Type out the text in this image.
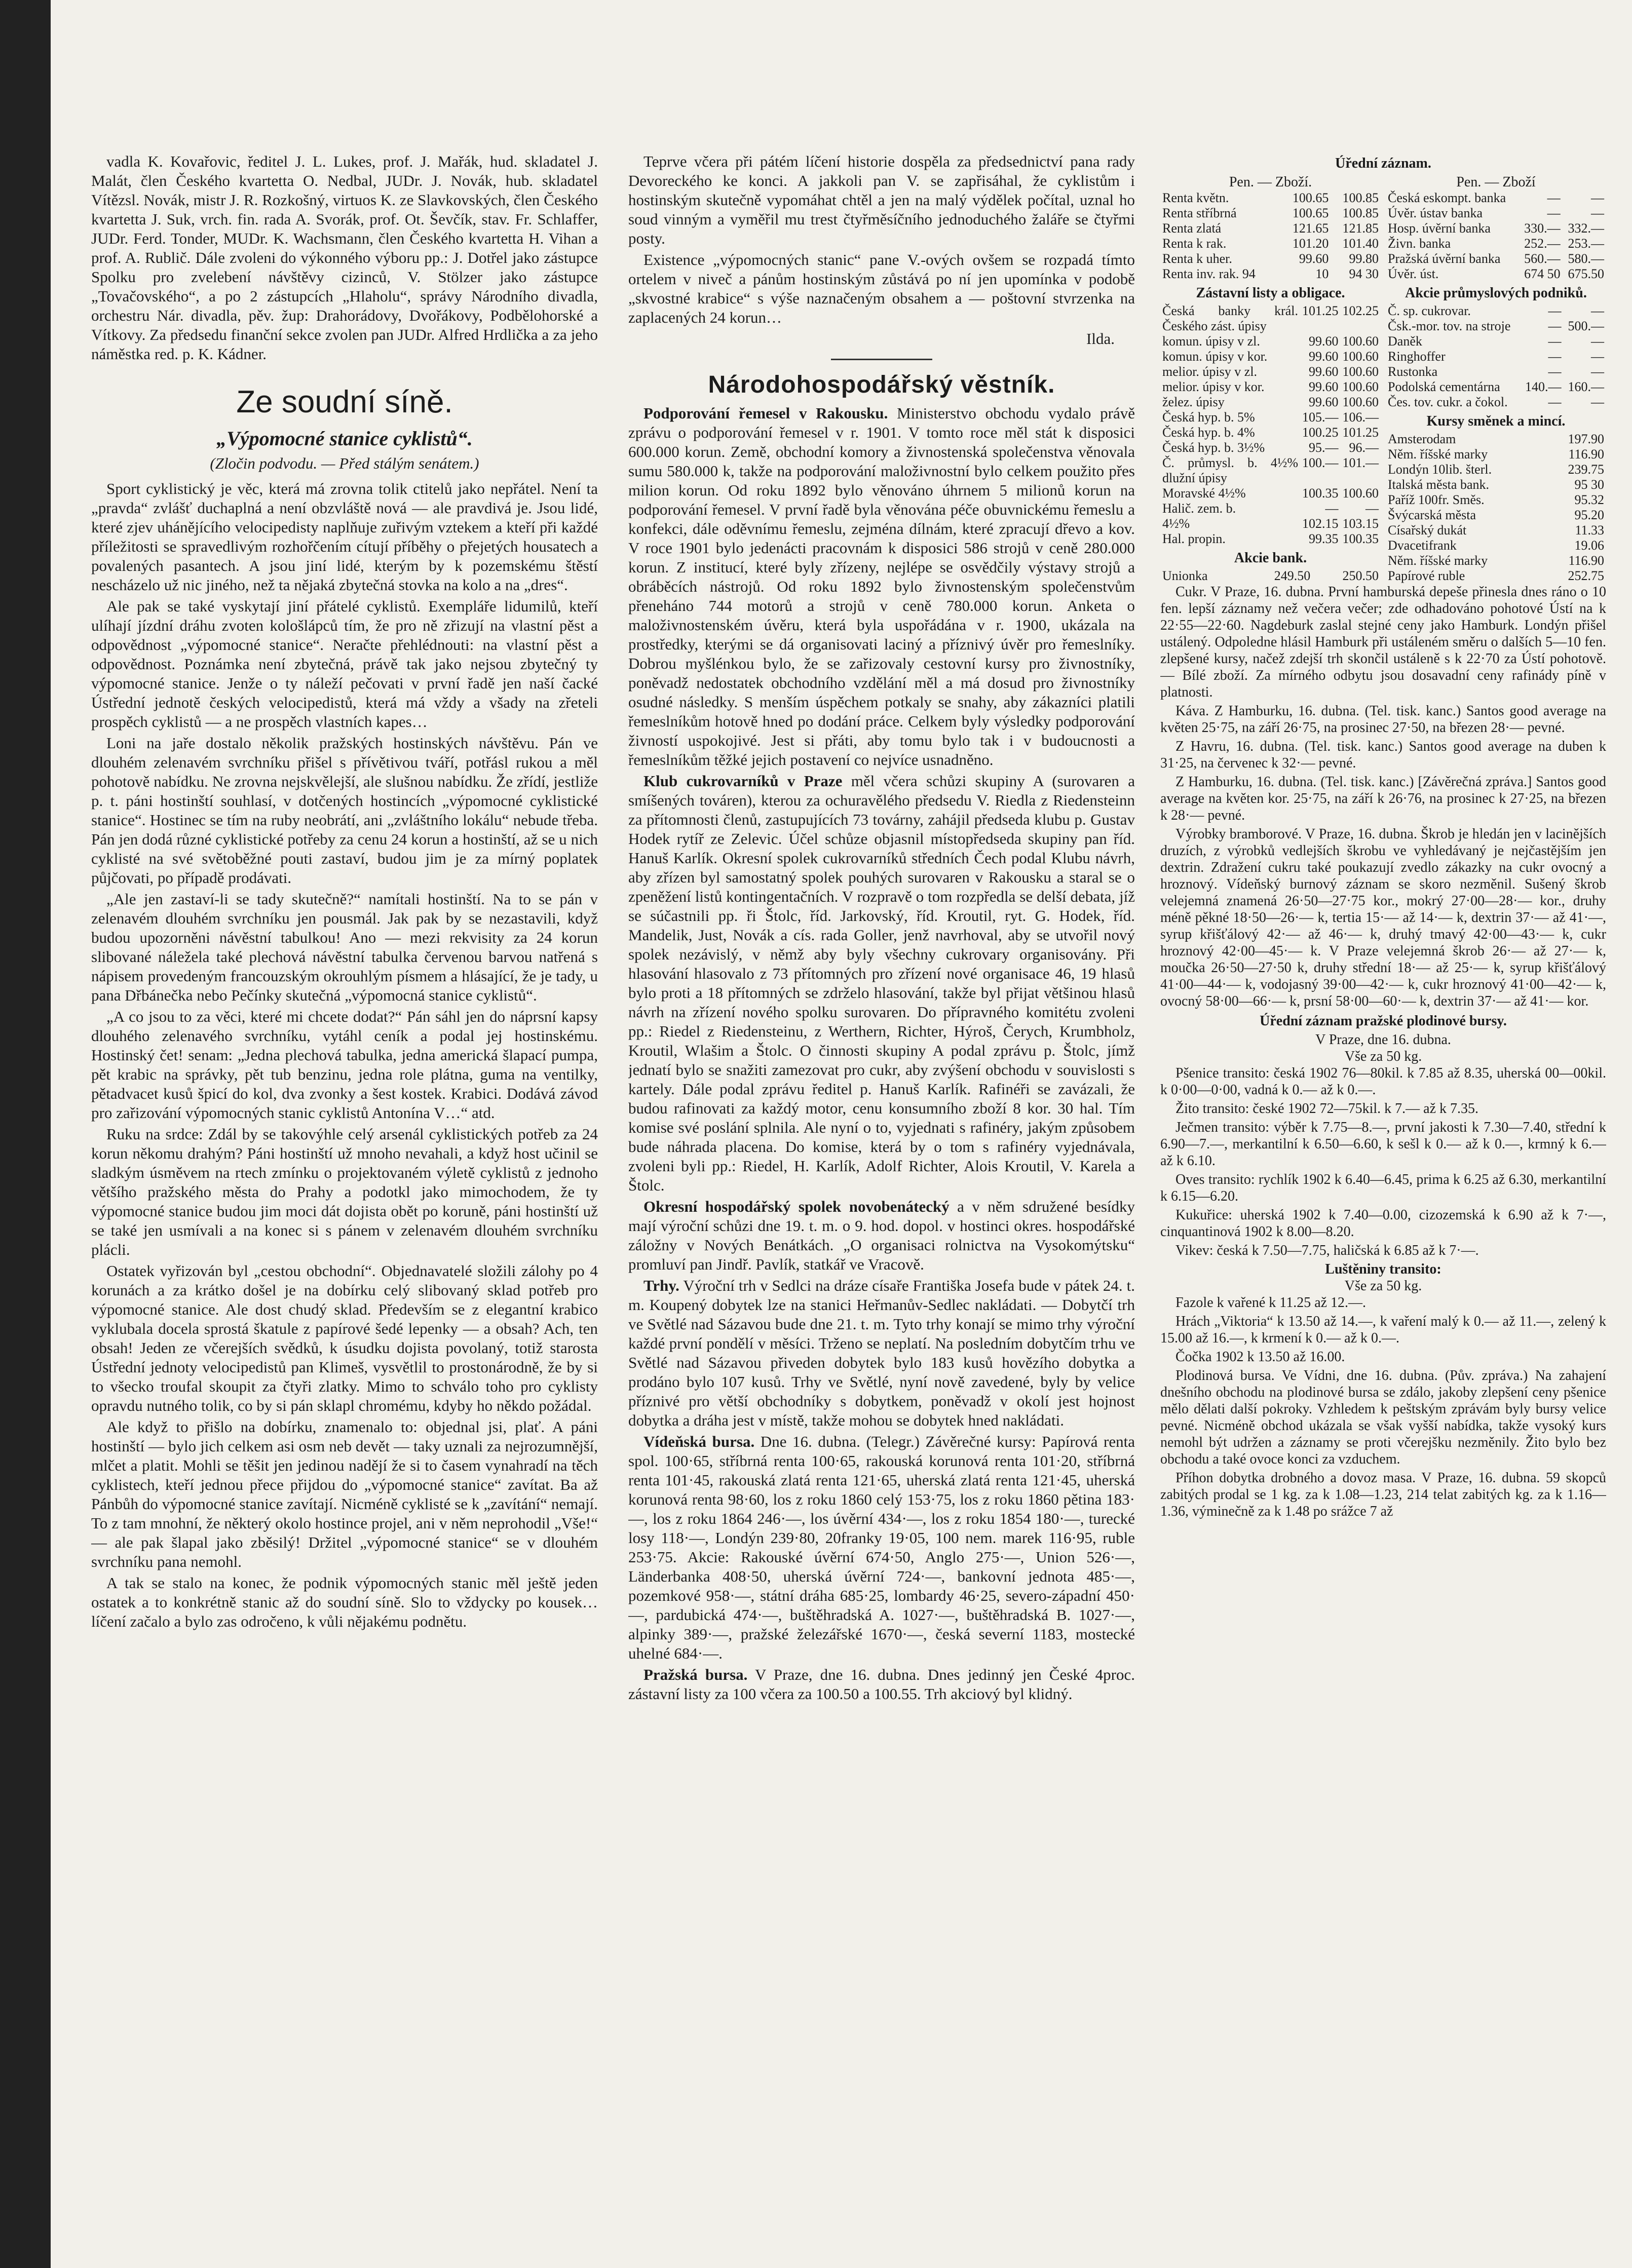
vadla K. Kovařovic, ředitel J. L. Lukes, prof. J. Mařák, hud. skladatel J. Malát, člen Českého kvartetta O. Nedbal, JUDr. J. Novák, hub. skladatel Vítězsl. Novák, mistr J. R. Rozkošný, virtuos K. ze Slavkovských, člen Českého kvartetta J. Suk, vrch. fin. rada A. Svorák, prof. Ot. Ševčík, stav. Fr. Schlaffer, JUDr. Ferd. Tonder, MUDr. K. Wachsmann, člen Českého kvartetta H. Vihan a prof. A. Rublič. Dále zvoleni do výkonného výboru pp.: J. Dotřel jako zástupce Spolku pro zvelebení návštěvy cizinců, V. Stölzer jako zástupce „Tovačovského“, a po 2 zástupcích „Hlaholu“, správy Národního divadla, orchestru Nár. divadla, pěv. žup: Drahorádovy, Dvořákovy, Podbělohorské a Vítkovy. Za předsedu finanční sekce zvolen pan JUDr. Alfred Hrdlička a za jeho náměstka red. p. K. Kádner.

Ze soudní síně.
„Výpomocné stanice cyklistů“.
(Zločin podvodu. — Před stálým senátem.)

Sport cyklistický je věc, která má zrovna tolik ctitelů jako nepřátel. Není ta „pravda“ zvlášť duchaplná a není obzvláště nová — ale pravdivá je. Jsou lidé, které zjev uhánějícího velocipedisty naplňuje zuřivým vztekem a kteří při každé příležitosti se spravedlivým rozhořčením cítují příběhy o přejetých housatech a povalených pasantech. A jsou jiní lidé, kterým by k pozemskému štěstí nescházelo už nic jiného, než ta nějaká zbytečná stovka na kolo a na „dres“.

Ale pak se také vyskytají jiní přátelé cyklistů. Exempláře lidumilů, kteří ulíhají jízdní dráhu zvoten kološlápců tím, že pro ně zřizují na vlastní pěst a odpovědnost „výpomocné stanice“. Neračte přehlédnouti: na vlastní pěst a odpovědnost. Poznámka není zbytečná, právě tak jako nejsou zbytečný ty výpomocné stanice. Jenže o ty náleží pečovati v první řadě jen naší čacké Ústřední jednotě českých velocipedistů, která má vždy a všady na zřeteli prospěch cyklistů — a ne prospěch vlastních kapes…

Loni na jaře dostalo několik pražských hostinských návštěvu. Pán ve dlouhém zelenavém svrchníku přišel s přívětivou tváří, potřásl rukou a měl pohotově nabídku. Ne zrovna nejskvělejší, ale slušnou nabídku. Že zřídí, jestliže p. t. páni hostinští souhlasí, v dotčených hostincích „výpomocné cyklistické stanice“. Hostinec se tím na ruby neobrátí, ani „zvláštního lokálu“ nebude třeba. Pán jen dodá různé cyklistické potřeby za cenu 24 korun a hostinští, až se u nich cyklisté na své světoběžné pouti zastaví, budou jim je za mírný poplatek půjčovati, po případě prodávati.

„Ale jen zastaví-li se tady skutečně?“ namítali hostinští. Na to se pán v zelenavém dlouhém svrchníku jen pousmál. Jak pak by se nezastavili, když budou upozorněni návěstní tabulkou! Ano — mezi rekvisity za 24 korun slibované náležela také plechová návěstní tabulka červenou barvou natřená s nápisem provedeným francouzským okrouhlým písmem a hlásající, že je tady, u pana Dřbánečka nebo Pečínky skutečná „výpomocná stanice cyklistů“.

„A co jsou to za věci, které mi chcete dodat?“ Pán sáhl jen do náprsní kapsy dlouhého zelenavého svrchníku, vytáhl ceník a podal jej hostinskému. Hostinský čet! senam: „Jedna plechová tabulka, jedna americká šlapací pumpa, pět krabic na správky, pět tub benzinu, jedna role plátna, guma na ventilky, pětadvacet kusů špicí do kol, dva zvonky a šest kostek. Krabici. Dodává závod pro zařizování výpomocných stanic cyklistů Antonína V…“ atd.

Ruku na srdce: Zdál by se takovýhle celý arsenál cyklistických potřeb za 24 korun někomu drahým? Páni hostinští už mnoho nevahali, a když host učinil se sladkým úsměvem na rtech zmínku o projektovaném výletě cyklistů z jednoho většího pražského města do Prahy a podotkl jako mimochodem, že ty výpomocné stanice budou jim moci dát dojista obět po koruně, páni hostinští už se také jen usmívali a na konec si s pánem v zelenavém dlouhém svrchníku plácli.

Ostatek vyřizován byl „cestou obchodní“. Objednavatelé složili zálohy po 4 korunách a za krátko došel je na dobírku celý slibovaný sklad potřeb pro výpomocné stanice. Ale dost chudý sklad. Především se z elegantní krabico vyklubala docela sprostá škatule z papírové šedé lepenky — a obsah? Ach, ten obsah! Jeden ze včerejších svědků, k úsudku dojista povolaný, totiž starosta Ústřední jednoty velocipedistů pan Klimeš, vysvětlil to prostonárodně, že by si to všecko troufal skoupit za čtyři zlatky. Mimo to schválo toho pro cyklisty opravdu nutného tolik, co by si pán sklapl chromému, kdyby ho někdo požádal.

Ale když to přišlo na dobírku, znamenalo to: objednal jsi, plať. A páni hostinští — bylo jich celkem asi osm neb devět — taky uznali za nejrozumnější, mlčet a platit. Mohli se těšit jen jedinou nadějí že si to časem vynahradí na těch cyklistech, kteří jednou přece přijdou do „výpomocné stanice“ zavítat. Ba až Pánbůh do výpomocné stanice zavítají. Nicméně cyklisté se k „zavítání“ nemají. To z tam mnohní, že některý okolo hostince projel, ani v něm neprohodil „Vše!“ — ale pak šlapal jako zběsilý! Držitel „výpomocné stanice“ se v dlouhém svrchníku pana nemohl.

A tak se stalo na konec, že podnik výpomocných stanic měl ještě jeden ostatek a to konkrétně stanic až do soudní síně. Slo to vždycky po kousek… líčení začalo a bylo zas odročeno, k vůli nějakému podnětu.

Teprve včera při pátém líčení historie dospěla za předsednictví pana rady Devoreckého ke konci. A jakkoli pan V. se zapřisáhal, že cyklistům i hostinským skutečně vypomáhat chtěl a jen na malý výdělek počítal, uznal ho soud vinným a vyměřil mu trest čtyřměsíčního jednoduchého žaláře se čtyřmi posty.

Existence „výpomocných stanic“ pane V.-ových ovšem se rozpadá tímto ortelem v niveč a pánům hostinským zůstává po ní jen upomínka v podobě „skvostné krabice“ s výše naznačeným obsahem a — poštovní stvrzenka na zaplacených 24 korun…

Ilda.
Národohospodářský věstník.

Podporování řemesel v Rakousku. Ministerstvo obchodu vydalo právě zprávu o podporování řemesel v r. 1901. V tomto roce měl stát k disposici 600.000 korun. Země, obchodní komory a živnostenská společenstva věnovala sumu 580.000 k, takže na podporování maloživnostní bylo celkem použito přes milion korun. Od roku 1892 bylo věnováno úhrnem 5 milionů korun na podporování řemesel. V první řadě byla věnována péče obuvnickému řemeslu a konfekci, dále oděvnímu řemeslu, zejména dílnám, které zpracují dřevo a kov. V roce 1901 bylo jedenácti pracovnám k disposici 586 strojů v ceně 280.000 korun. Z institucí, které byly zřízeny, nejlépe se osvědčily výstavy strojů a obráběcích nástrojů. Od roku 1892 bylo živnostenským společenstvům přeneháno 744 motorů a strojů v ceně 780.000 korun. Anketa o maloživnostenském úvěru, která byla uspořádána v r. 1900, ukázala na prostředky, kterými se dá organisovati laciný a příznivý úvěr pro řemeslníky. Dobrou myšlénkou bylo, že se zařizovaly cestovní kursy pro živnostníky, poněvadž nedostatek obchodního vzdělání měl a má dosud pro živnostníky osudné následky. S menším úspěchem potkaly se snahy, aby zákazníci platili řemeslníkům hotově hned po dodání práce. Celkem byly výsledky podporování živností uspokojivé. Jest si přáti, aby tomu bylo tak i v budoucnosti a řemeslníkům těžké jejich postavení co nejvíce usnadněno.

Klub cukrovarníků v Praze měl včera schůzi skupiny A (surovaren a smíšených továren), kterou za ochuravělého předsedu V. Riedla z Riedensteinn za přítomnosti členů, zastupujících 73 továrny, zahájil předseda klubu p. Gustav Hodek rytíř ze Zelevic. Účel schůze objasnil místopředseda skupiny pan říd. Hanuš Karlík. Okresní spolek cukrovarníků středních Čech podal Klubu návrh, aby zřízen byl samostatný spolek pouhých surovaren v Rakousku a staral se o zpeněžení listů kontingentačních. V rozpravě o tom rozpředla se delší debata, jíž se súčastnili pp. ři Štolc, říd. Jarkovský, říd. Kroutil, ryt. G. Hodek, říd. Mandelik, Just, Novák a cís. rada Goller, jenž navrhoval, aby se utvořil nový spolek nezávislý, v němž aby byly všechny cukrovary organisovány. Při hlasování hlasovalo z 73 přítomných pro zřízení nové organisace 46, 19 hlasů bylo proti a 18 přítomných se zdrželo hlasování, takže byl přijat většinou hlasů návrh na zřízení nového spolku surovaren. Do přípravného komitétu zvoleni pp.: Riedel z Riedensteinu, z Werthern, Richter, Hýroš, Čerych, Krumbholz, Kroutil, Wlašim a Štolc. O činnosti skupiny A podal zprávu p. Štolc, jímž jednatí bylo se snažiti zamezovat pro cukr, aby zvýšení obchodu v souvislosti s kartely. Dále podal zprávu ředitel p. Hanuš Karlík. Rafinéři se zavázali, že budou rafinovati za každý motor, cenu konsumního zboží 8 kor. 30 hal. Tím komise své poslání splnila. Ale nyní o to, vyjednati s rafinéry, jakým způsobem bude náhrada placena. Do komise, která by o tom s rafinéry vyjednávala, zvoleni byli pp.: Riedel, H. Karlík, Adolf Richter, Alois Kroutil, V. Karela a Štolc.

Okresní hospodářský spolek novobenátecký a v něm sdružené besídky mají výroční schůzi dne 19. t. m. o 9. hod. dopol. v hostinci okres. hospodářské záložny v Nových Benátkách. „O organisaci rolnictva na Vysokomýtsku“ promluví pan Jindř. Pavlík, statkář ve Vracově.

Trhy. Výroční trh v Sedlci na dráze císaře Františka Josefa bude v pátek 24. t. m. Koupený dobytek lze na stanici Heřmanův-Sedlec nakládati. — Dobytčí trh ve Světlé nad Sázavou bude dne 21. t. m. Tyto trhy konají se mimo trhy výroční každé první pondělí v měsíci. Trženo se neplatí. Na posledním dobytčím trhu ve Světlé nad Sázavou přiveden dobytek bylo 183 kusů hovězího dobytka a prodáno bylo 107 kusů. Trhy ve Světlé, nyní nově zavedené, byly by velice příznivé pro větší obchodníky s dobytkem, poněvadž v okolí jest hojnost dobytka a dráha jest v místě, takže mohou se dobytek hned nakládati.

Vídeňská bursa. Dne 16. dubna. (Telegr.) Závěrečné kursy: Papírová renta spol. 100·65, stříbrná renta 100·65, rakouská korunová renta 101·20, stříbrná renta 101·45, rakouská zlatá renta 121·65, uherská zlatá renta 121·45, uherská korunová renta 98·60, los z roku 1860 celý 153·75, los z roku 1860 pětina 183·—, los z roku 1864 246·—, los úvěrní 434·—, los z roku 1854 180·—, turecké losy 118·—, Londýn 239·80, 20franky 19·05, 100 nem. marek 116·95, ruble 253·75. Akcie: Rakouské úvěrní 674·50, Anglo 275·—, Union 526·—, Länderbanka 408·50, uherská úvěrní 724·—, bankovní jednota 485·—, pozemkové 958·—, státní dráha 685·25, lombardy 46·25, severo-západní 450·—, pardubická 474·—, buštěhradská A. 1027·—, buštěhradská B. 1027·—, alpinky 389·—, pražské železářské 1670·—, česká severní 1183, mostecké uhelné 684·—.

Pražská bursa. V Praze, dne 16. dubna. Dnes jedinný jen České 4proc. zástavní listy za 100 včera za 100.50 a 100.55. Trh akciový byl klidný.

Úřední záznam.
Pen. — Zboží.
Renta květn.	100.65	100.85
Renta stříbrná	100.65	100.85
Renta zlatá	121.65	121.85
Renta k rak.	101.20	101.40
Renta k uher.	99.60	99.80
Renta inv. rak. 94	10	94 30
Pen. — Zboží
Česká eskompt. banka	—	—
Úvěr. ústav banka	—	—
Hosp. úvěrní banka	330.—	332.—
Živn. banka	252.—	253.—
Pražská úvěrní banka	560.—	580.—
Úvěr. úst.	674 50	675.50
Zástavní listy a obligace.
Česká banky král. Českého zást. úpisy	101.25	102.25
komun. úpisy v zl.	99.60	100.60
komun. úpisy v kor.	99.60	100.60
melior. úpisy v zl.	99.60	100.60
melior. úpisy v kor.	99.60	100.60
želez. úpisy	99.60	100.60
Česká hyp. b. 5%	105.—	106.—
Česká hyp. b. 4%	100.25	101.25
Česká hyp. b. 3½%	95.—	96.—
Č. průmysl. b. 4½% dlužní úpisy	100.—	101.—
Moravské 4½%	100.35	100.60
Halič. zem. b.	—	—
4½%	102.15	103.15
Hal. propin.	99.35	100.35
Akcie bank.
Unionka	249.50	250.50
Akcie průmyslových podniků.
Č. sp. cukrovar.	—	—
Čsk.-mor. tov. na stroje	—	500.—
Daněk	—	—
Ringhoffer	—	—
Rustonka	—	—
Podolská cementárna	140.—	160.—
Čes. tov. cukr. a čokol.	—	—
Kursy směnek a mincí.
Amsterodam	197.90
Něm. říšské marky	116.90
Londýn 10lib. šterl.	239.75
Italská města bank.	95 30
Paříž 100fr. Směs.	95.32
Švýcarská města	95.20
Císařský dukát	11.33
Dvacetifrank	19.06
Něm. říšské marky	116.90
Papírové ruble	252.75

Cukr. V Praze, 16. dubna. První hamburská depeše přinesla dnes ráno o 10 fen. lepší záznamy než večera večer; zde odhadováno pohotové Ústí na k 22·55—22·60. Nagdeburk zaslal stejné ceny jako Hamburk. Londýn přišel ustálený. Odpoledne hlásil Hamburk při ustáleném směru o dalších 5—10 fen. zlepšené kursy, načež zdejší trh skončil ustáleně s k 22·70 za Ústí pohotově. — Bílé zboží. Za mírného odbytu jsou dosavadní ceny rafinády píně v platnosti.

Káva. Z Hamburku, 16. dubna. (Tel. tisk. kanc.) Santos good average na květen 25·75, na září 26·75, na prosinec 27·50, na březen 28·— pevné.

Z Havru, 16. dubna. (Tel. tisk. kanc.) Santos good average na duben k 31·25, na červenec k 32·— pevné.

Z Hamburku, 16. dubna. (Tel. tisk. kanc.) [Závěrečná zpráva.] Santos good average na květen kor. 25·75, na září k 26·76, na prosinec k 27·25, na březen k 28·— pevné.

Výrobky bramborové. V Praze, 16. dubna. Škrob je hledán jen v lacinějších druzích, z výrobků vedlejších škrobu ve vyhledávaný je nejčastějším jen dextrin. Zdražení cukru také poukazují zvedlo zákazky na cukr ovocný a hroznový. Vídeňský burnový záznam se skoro nezměnil. Sušený škrob velejemná znamená 26·50—27·75 kor., mokrý 27·00—28·— kor., druhy méně pěkné 18·50—26·— k, tertia 15·— až 14·— k, dextrin 37·— až 41·—, syrup křišťálový 42·— až 46·— k, druhý tmavý 42·00—43·— k, cukr hroznový 42·00—45·— k. V Praze velejemná škrob 26·— až 27·— k, moučka 26·50—27·50 k, druhy střední 18·— až 25·— k, syrup křišťálový 41·00—44·— k, vodojasný 39·00—42·— k, cukr hroznový 41·00—42·— k, ovocný 58·00—66·— k, prsní 58·00—60·— k, dextrin 37·— až 41·— kor.

Úřední záznam pražské plodinové bursy.
V Praze, dne 16. dubna.
Vše za 50 kg.

Pšenice transito: česká 1902 76—80kil. k 7.85 až 8.35, uherská 00—00kil. k 0·00—0·00, vadná k 0.— až k 0.—.

Žito transito: české 1902 72—75kil. k 7.— až k 7.35.

Ječmen transito: výběr k 7.75—8.—, první jakosti k 7.30—7.40, střední k 6.90—7.—, merkantilní k 6.50—6.60, k sešl k 0.— až k 0.—, krmný k 6.— až k 6.10.

Oves transito: rychlík 1902 k 6.40—6.45, prima k 6.25 až 6.30, merkantilní k 6.15—6.20.

Kukuřice: uherská 1902 k 7.40—0.00, cizozemská k 6.90 až k 7·—, cinquantinová 1902 k 8.00—8.20.

Vikev: česká k 7.50—7.75, haličská k 6.85 až k 7·—.

Luštěniny transito:
Vše za 50 kg.

Fazole k vařené k 11.25 až 12.—.

Hrách „Viktoria“ k 13.50 až 14.—, k vaření malý k 0.— až 11.—, zelený k 15.00 až 16.—, k krmení k 0.— až k 0.—.

Čočka 1902 k 13.50 až 16.00.

Plodinová bursa. Ve Vídni, dne 16. dubna. (Pův. zpráva.) Na zahajení dnešního obchodu na plodinové bursa se zdálo, jakoby zlepšení ceny pšenice mělo dělati další pokroky. Vzhledem k peštským zprávám byly bursy velice pevné. Nicméně obchod ukázala se však vyšší nabídka, takže vysoký kurs nemohl být udržen a záznamy se proti včerejšku nezměnily. Žito bylo bez obchodu a také ovoce konci za vzduchem.

Příhon dobytka drobného a dovoz masa. V Praze, 16. dubna. 59 skopců zabitých prodal se 1 kg. za k 1.08—1.23, 214 telat zabitých kg. za k 1.16—1.36, výminečně za k 1.48 po srážce 7 až
